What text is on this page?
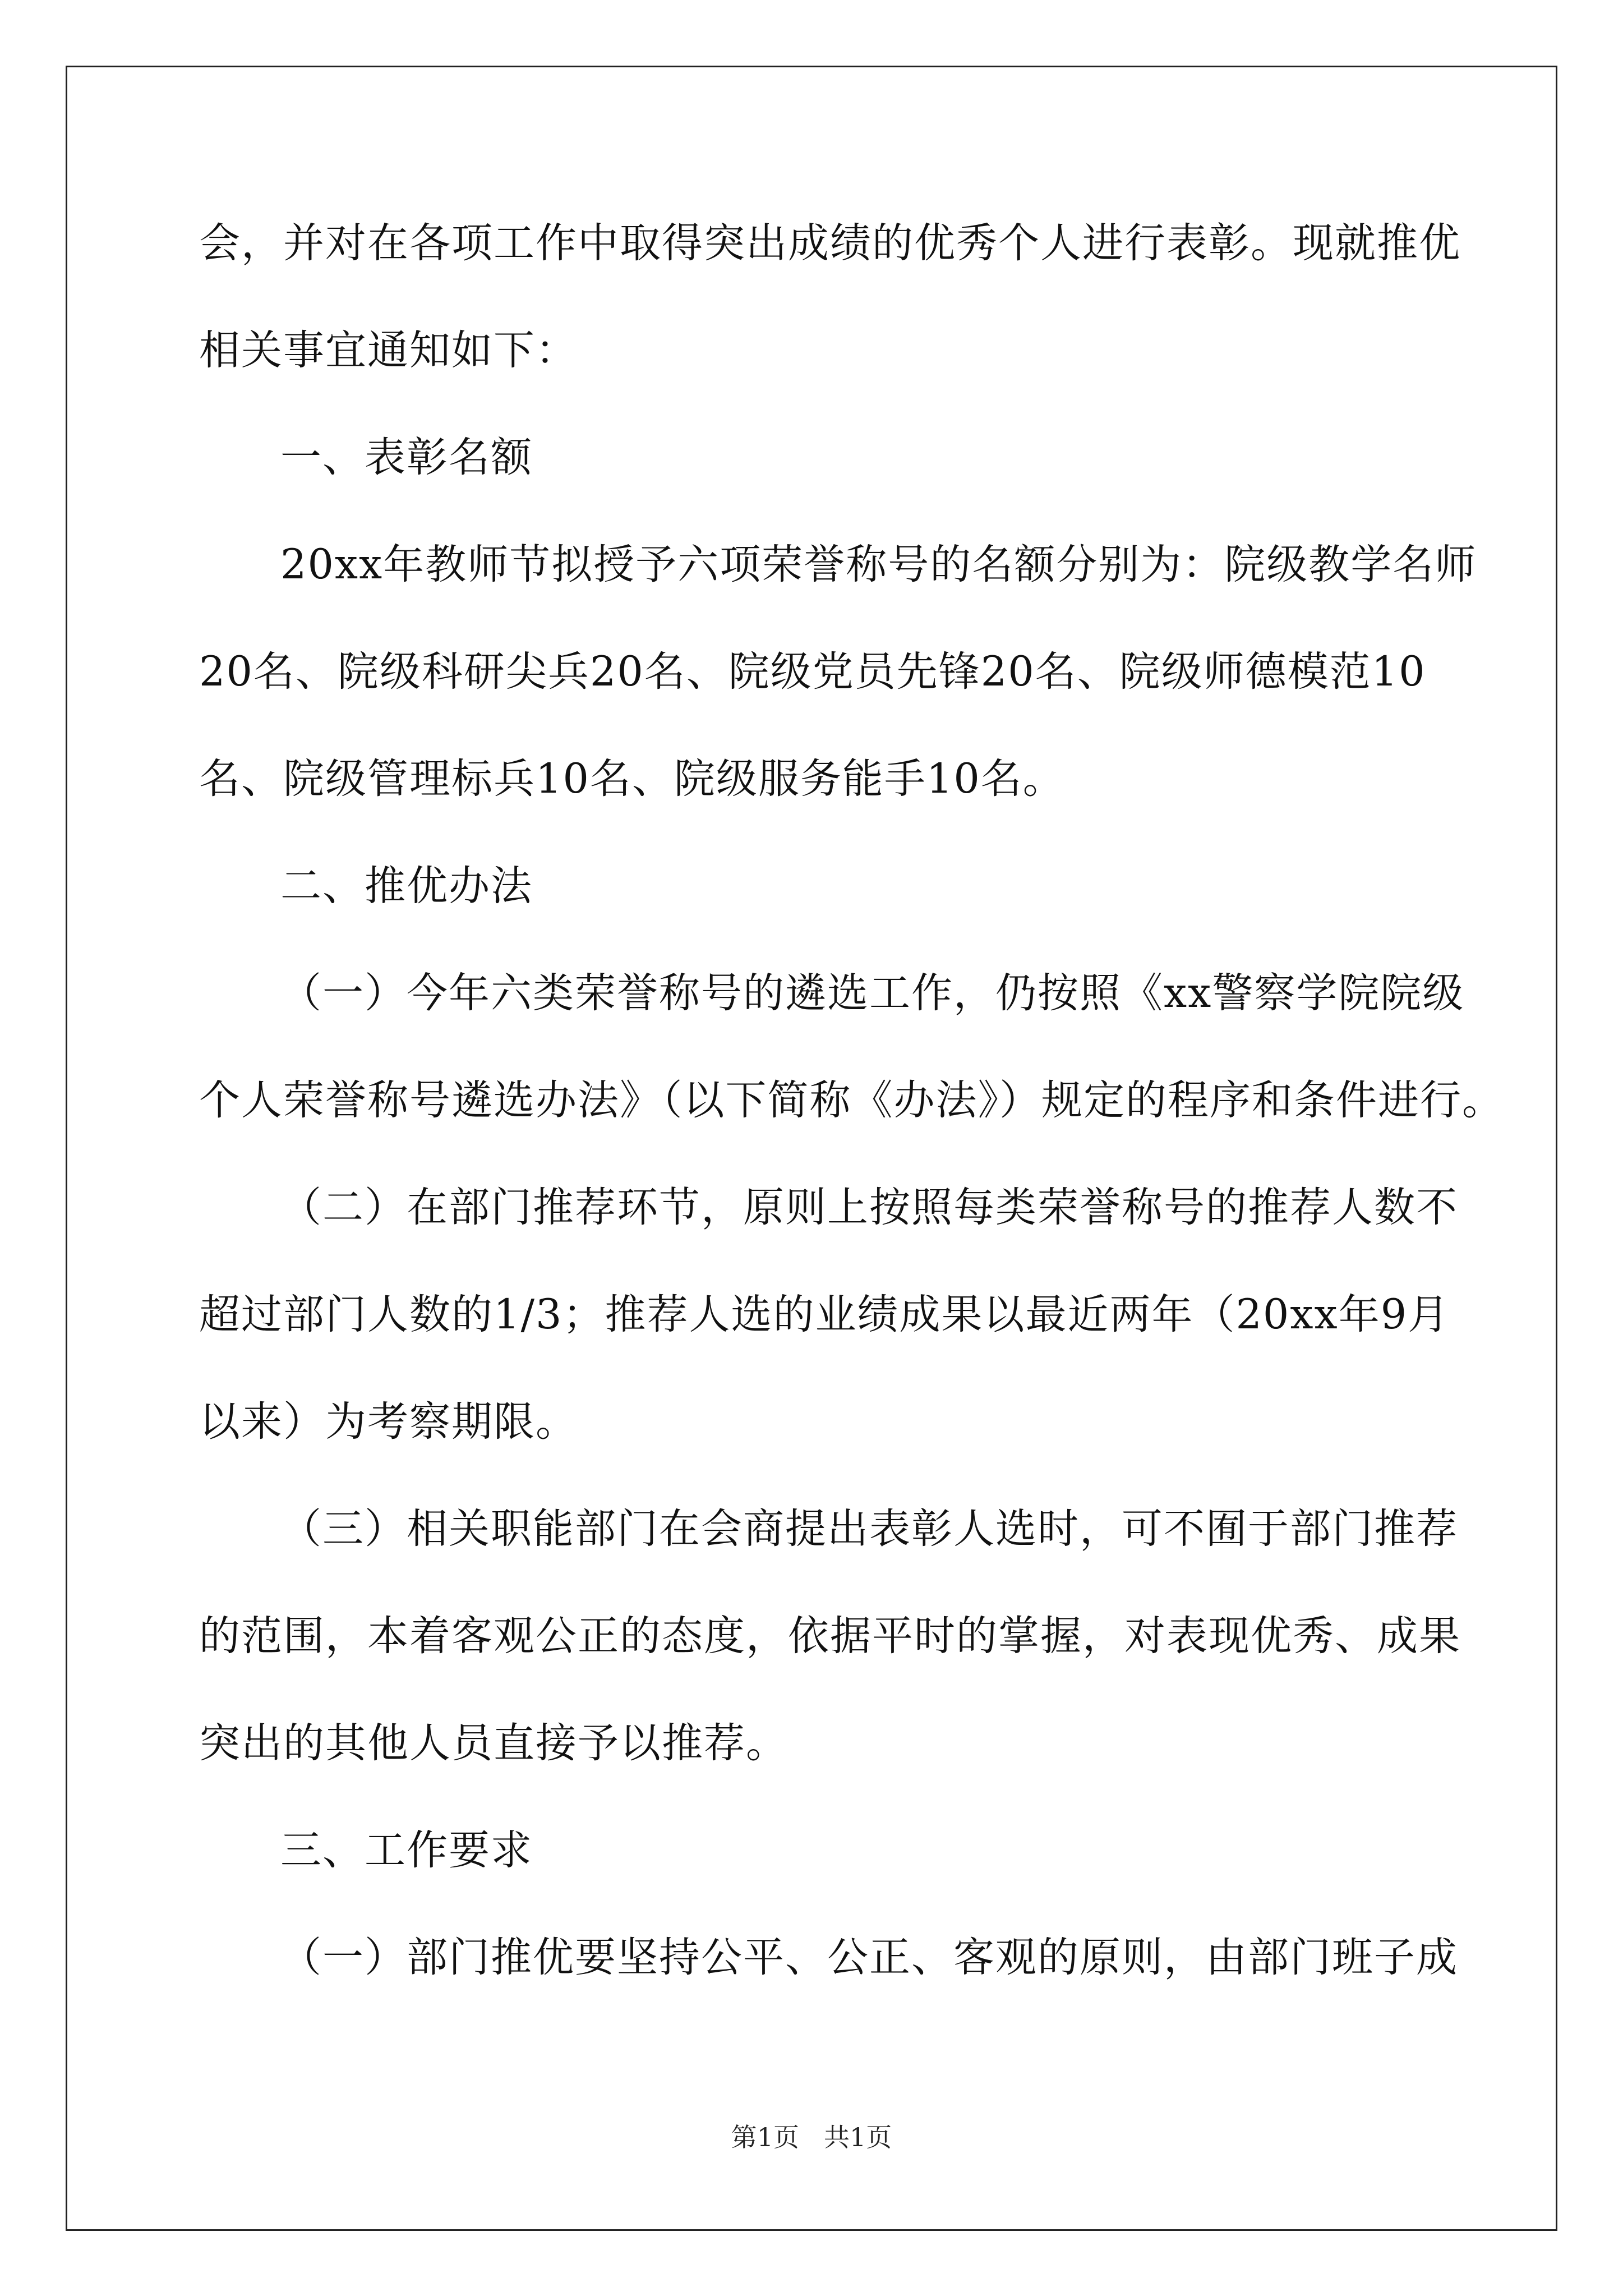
会，并对在各项工作中取得突出成绩的优秀个人进行表彰。现就推优
相关事宜通知如下：
一、表彰名额
20xx年教师节拟授予六项荣誉称号的名额分别为：院级教学名师
20名、院级科研尖兵20名、院级党员先锋20名、院级师德模范10
名、院级管理标兵10名、院级服务能手10名。
二、推优办法
（一）今年六类荣誉称号的遴选工作，仍按照《xx警察学院院级
个人荣誉称号遴选办法》（以下简称《办法》）规定的程序和条件进行。
（二）在部门推荐环节，原则上按照每类荣誉称号的推荐人数不
超过部门人数的1/3；推荐人选的业绩成果以最近两年（20xx年9月
以来）为考察期限。
（三）相关职能部门在会商提出表彰人选时，可不囿于部门推荐
的范围，本着客观公正的态度，依据平时的掌握，对表现优秀、成果
突出的其他人员直接予以推荐。
三、工作要求
（一）部门推优要坚持公平、公正、客观的原则，由部门班子成
第1页 共1页
